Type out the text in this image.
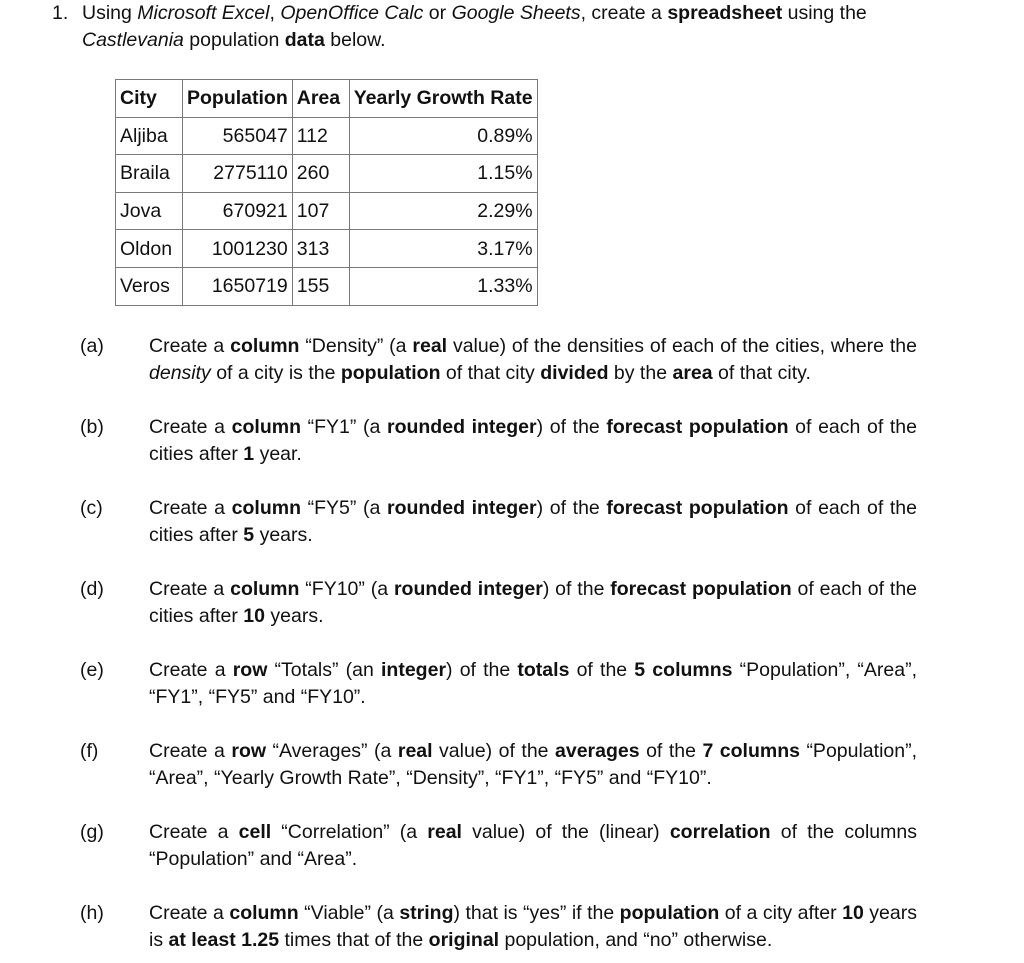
1. Using Microsoft Excel, OpenOffice Calc or Google Sheets, create a spreadsheet using the
Castlevania population data below.
City	Population	Area	Yearly Growth Rate
Aljiba	565047	112	0.89%
Braila	2775110	260	1.15%
Jova	670921	107	2.29%
Oldon	1001230	313	3.17%
Veros	1650719	155	1.33%
(a) Create a column “Density” (a real value) of the densities of each of the cities, where the density of a city is the population of that city divided by the area of that city.
(b) Create a column “FY1” (a rounded integer) of the forecast population of each of the cities after 1 year.
(c) Create a column “FY5” (a rounded integer) of the forecast population of each of the cities after 5 years.
(d) Create a column “FY10” (a rounded integer) of the forecast population of each of the cities after 10 years.
(e) Create a row “Totals” (an integer) of the totals of the 5 columns “Population”, “Area”, “FY1”, “FY5” and “FY10”.
(f)	Create a row “Averages” (a real value) of the averages of the 7 columns “Population”, “Area”, “Yearly Growth Rate”, “Density”, “FY1”, “FY5” and “FY10”.
(g) Create a cell “Correlation” (a real value) of the (linear) correlation of the columns “Population” and “Area”.
(h) Create a column “Viable” (a string) that is “yes” if the population of a city after 10 years is at least 1.25 times that of the original population, and “no” otherwise.
